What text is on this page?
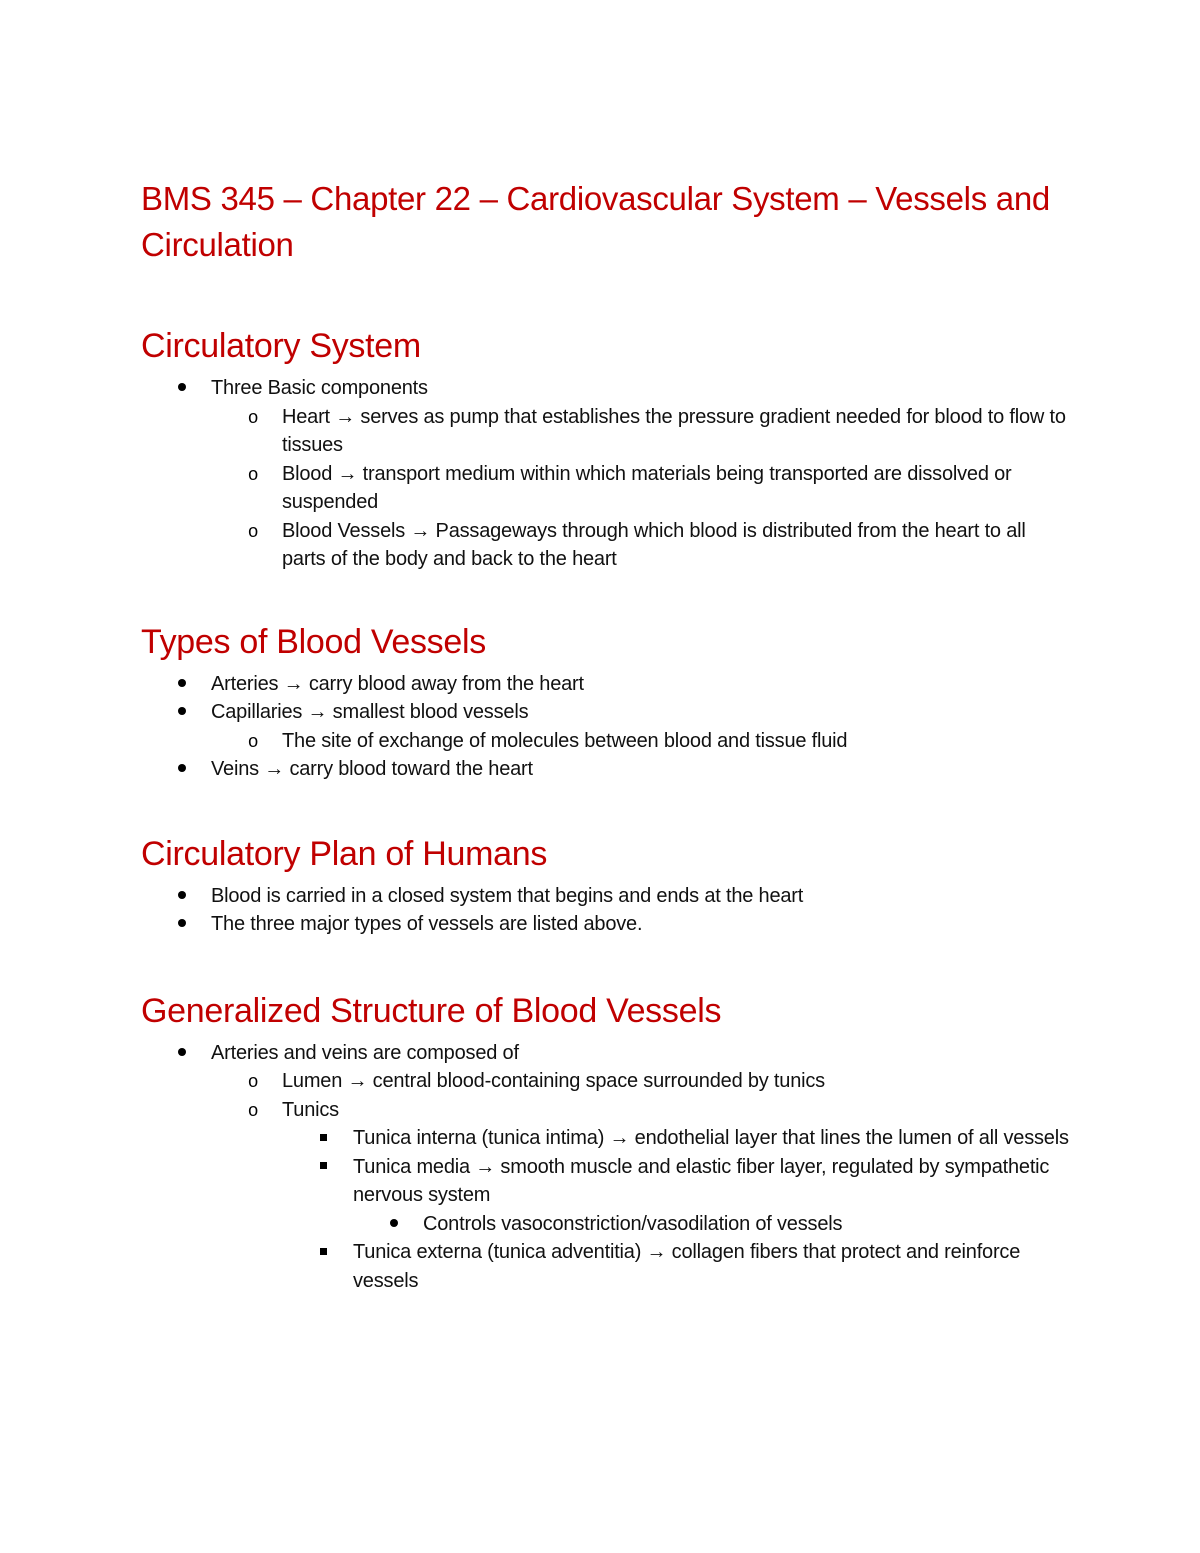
BMS 345 – Chapter 22 – Cardiovascular System – Vessels and Circulation
Circulatory System
Three Basic components
o Heart → serves as pump that establishes the pressure gradient needed for blood to flow to tissues
o Blood → transport medium within which materials being transported are dissolved or suspended
o Blood Vessels → Passageways through which blood is distributed from the heart to all parts of the body and back to the heart
Types of Blood Vessels
Arteries → carry blood away from the heart
Capillaries → smallest blood vessels
o The site of exchange of molecules between blood and tissue fluid
Veins → carry blood toward the heart
Circulatory Plan of Humans
Blood is carried in a closed system that begins and ends at the heart
The three major types of vessels are listed above.
Generalized Structure of Blood Vessels
Arteries and veins are composed of
o Lumen → central blood-containing space surrounded by tunics
o Tunics
Tunica interna (tunica intima) → endothelial layer that lines the lumen of all vessels
Tunica media → smooth muscle and elastic fiber layer, regulated by sympathetic nervous system
Controls vasoconstriction/vasodilation of vessels
Tunica externa (tunica adventitia) → collagen fibers that protect and reinforce vessels
